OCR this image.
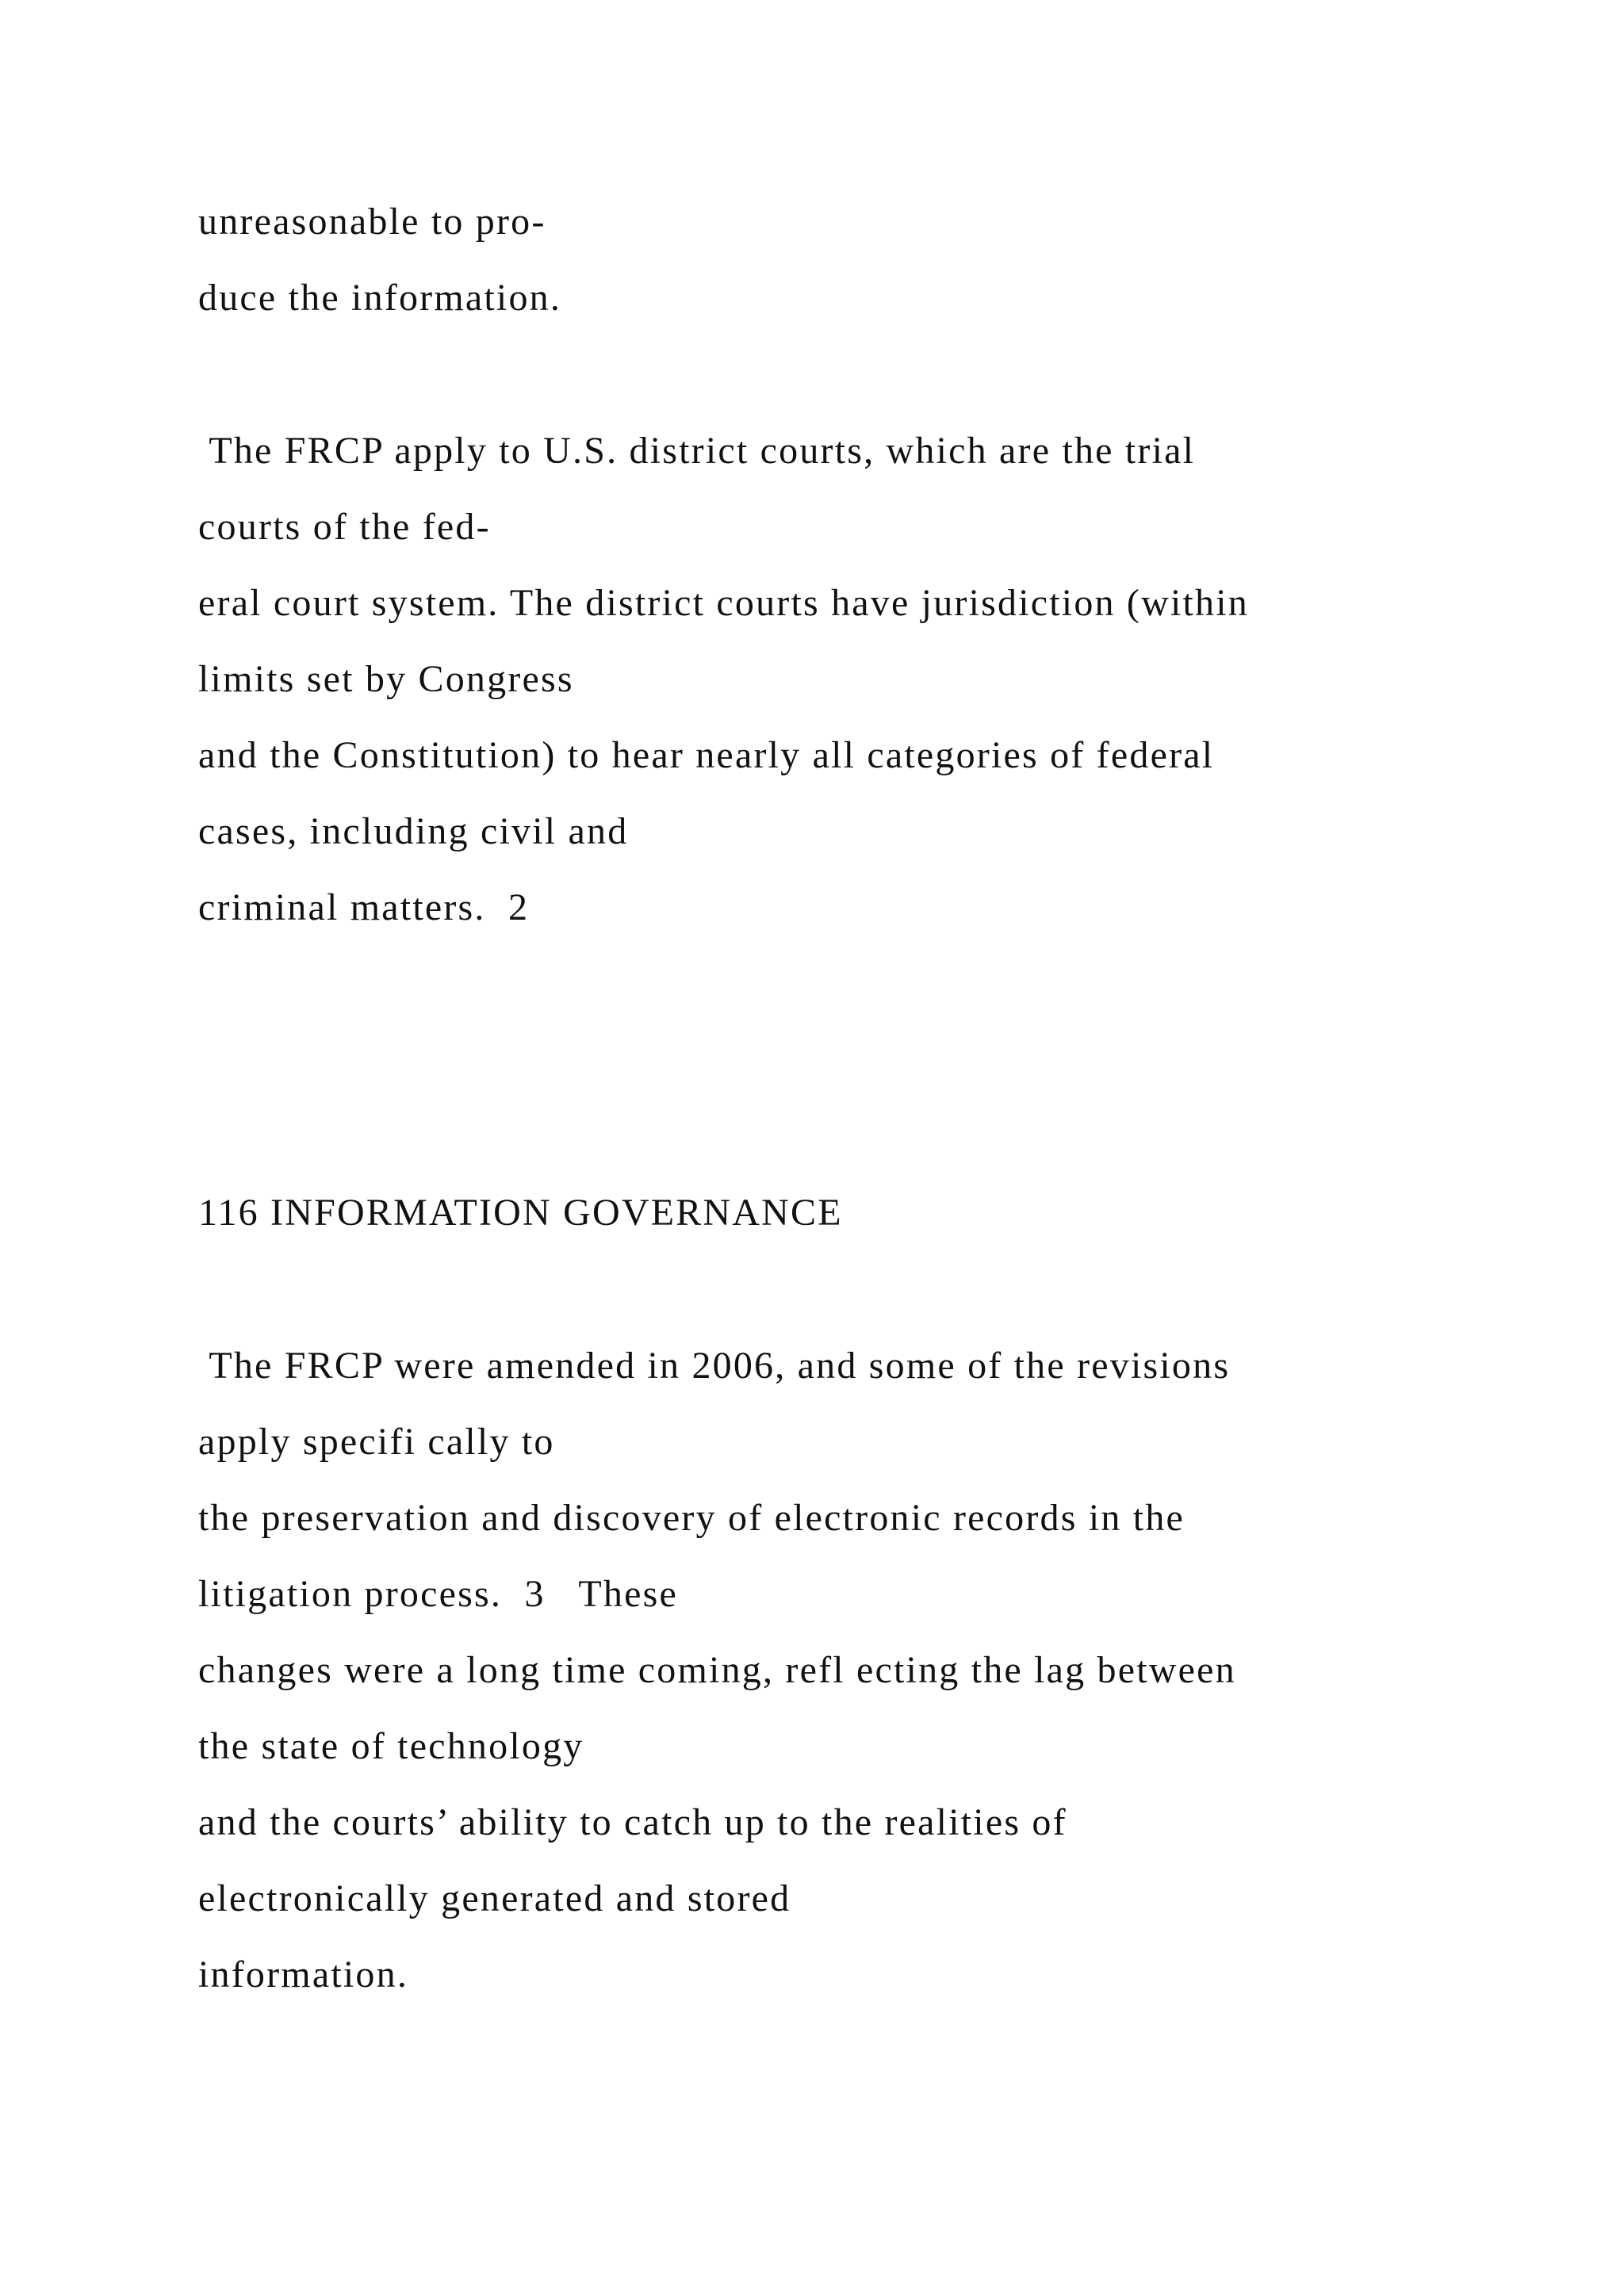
unreasonable to pro-

duce the information.

The FRCP apply to U.S. district courts, which are the trial

courts of the fed-

eral court system. The district courts have jurisdiction (within

limits set by Congress

and the Constitution) to hear nearly all categories of federal

cases, including civil and

criminal matters.  2

116 INFORMATION GOVERNANCE

The FRCP were amended in 2006, and some of the revisions

apply specifi cally to

the preservation and discovery of electronic records in the

litigation process.  3   These

changes were a long time coming, refl ecting the lag between

the state of technology

and the courts’ ability to catch up to the realities of

electronically generated and stored

information.
